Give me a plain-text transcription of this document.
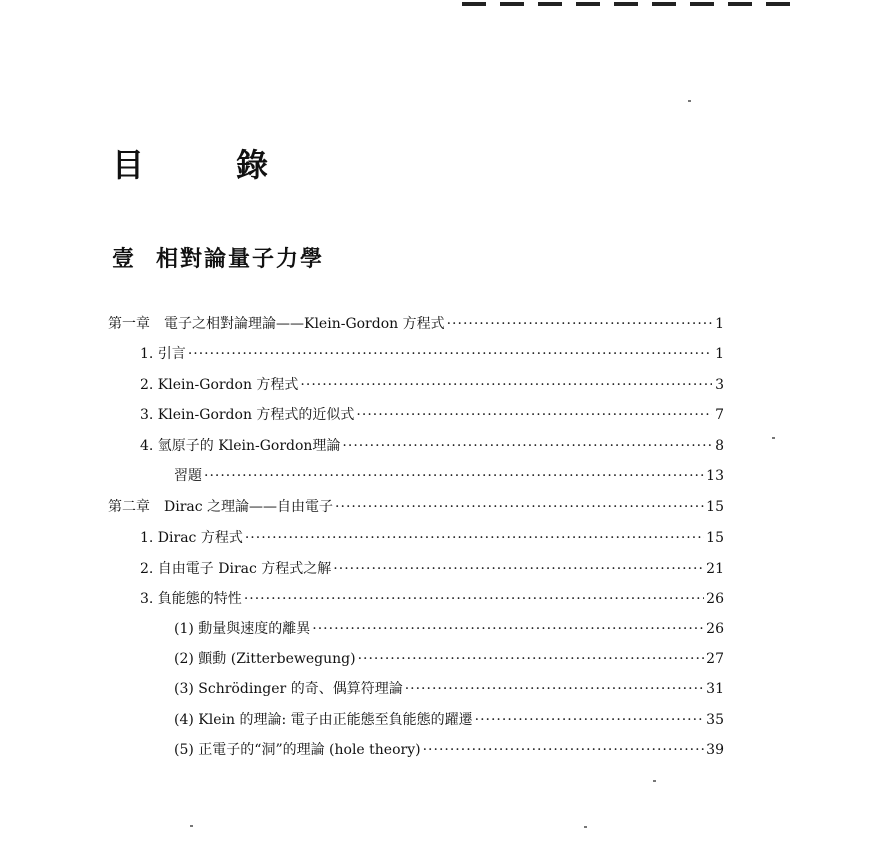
目　錄
壹 相對論量子力學
第一章　電子之相對論理論——Klein-Gordon 方程式 ·····	1
1. 引言 ·····	1
2. Klein-Gordon 方程式 ·····	3
3. Klein-Gordon 方程式的近似式 ·····	7
4. 氫原子的 Klein-Gordon理論 ·····	8
習題 ·····	13
第二章　Dirac 之理論——自由電子 ·····	15
1. Dirac 方程式 ·····	15
2. 自由電子 Dirac 方程式之解 ·····	21
3. 負能態的特性 ·····	26
(1) 動量與速度的離異 ·····	26
(2) 顫動 (Zitterbewegung) ·····	27
(3) Schrödinger 的奇、偶算符理論 ·····	31
(4) Klein 的理論: 電子由正能態至負能態的躍遷 ·····	35
(5) 正電子的“洞”的理論 (hole theory) ·····	39
